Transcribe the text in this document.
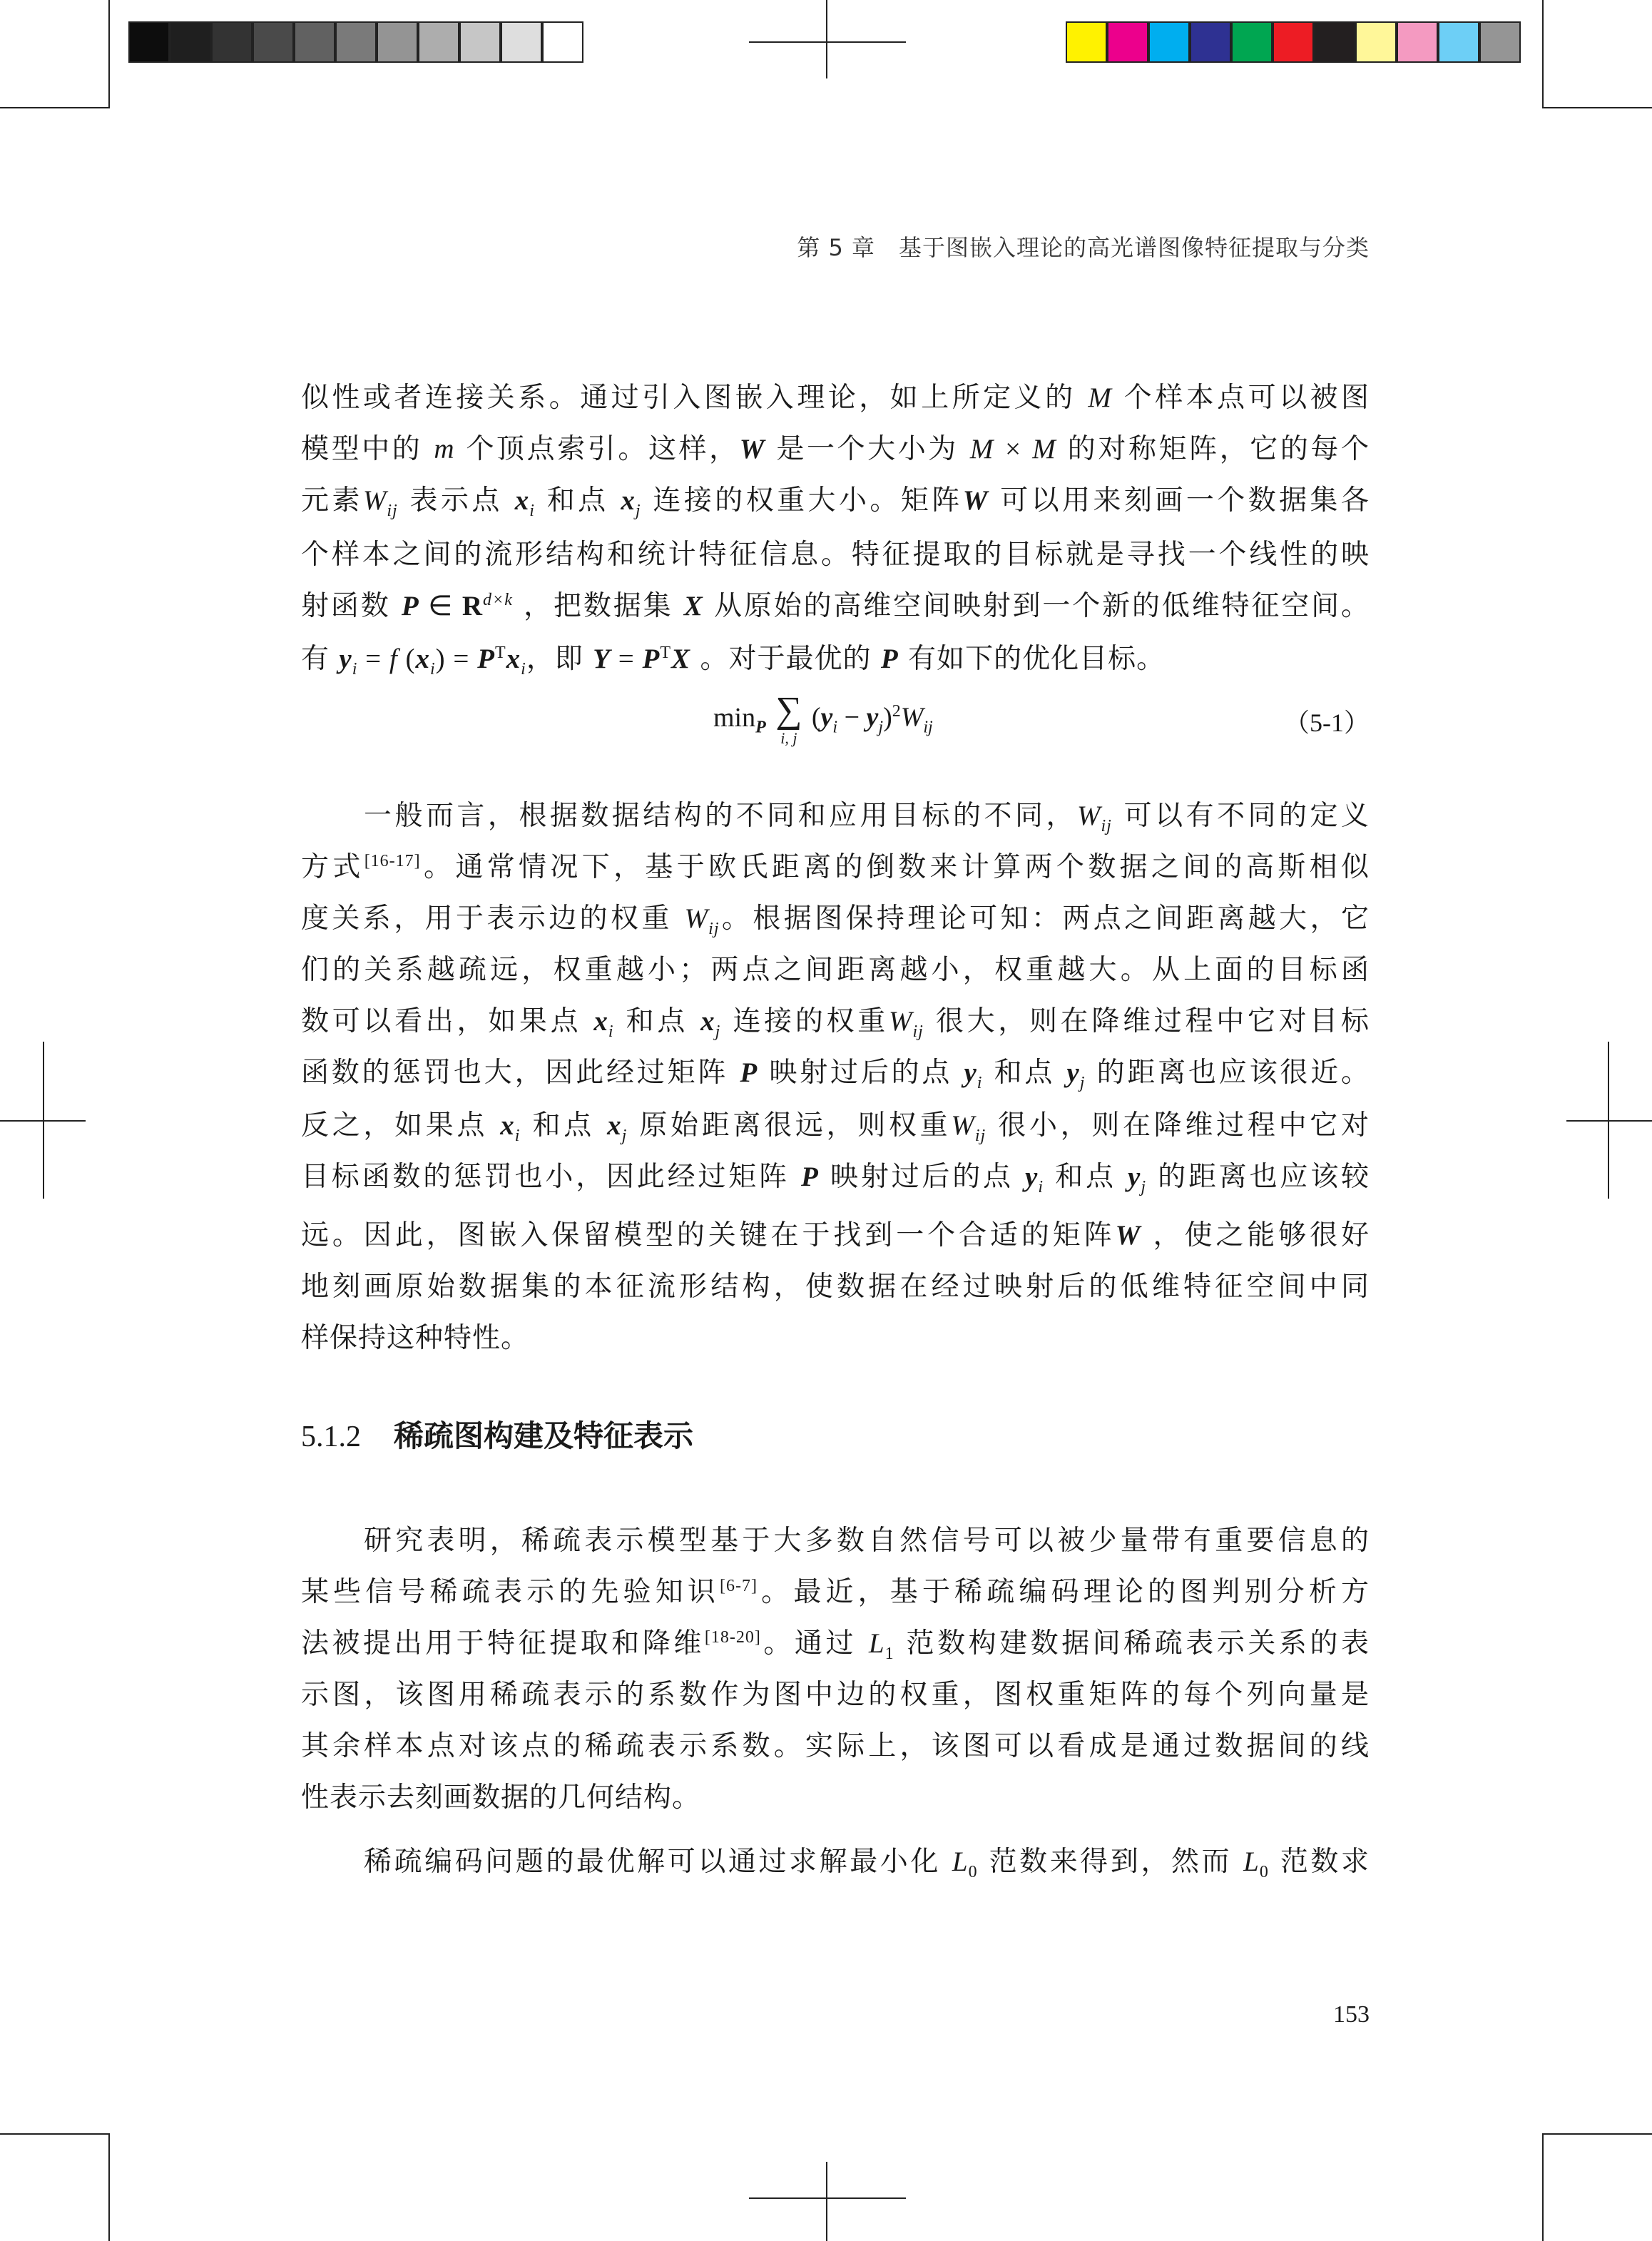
第 5 章　基于图嵌入理论的高光谱图像特征提取与分类
似性或者连接关系。通过引入图嵌入理论，如上所定义的 M 个样本点可以被图
模型中的 m 个顶点索引。这样，W 是一个大小为 M × M 的对称矩阵，它的每个
元素$W_{ij}$ 表示点 $x_i$ 和点 $x_j$ 连接的权重大小。矩阵W 可以用来刻画一个数据集各
个样本之间的流形结构和统计特征信息。特征提取的目标就是寻找一个线性的映
射函数 P ∈ $R^{d\times k}$ ，把数据集 X 从原始的高维空间映射到一个新的低维特征空间。
有 $y_i = f$ $(x_i) = P^Tx_i$，即 $Y = P^TX$ 。对于最优的 P 有如下的优化目标。
$\min_P$ ∑
i, j
$(y_i - y_j)^2W_{ij}$	（5-1）
一般而言，根据数据结构的不同和应用目标的不同，$W_{ij}$ 可以有不同的定义
方式[16-17]。通常情况下，基于欧氏距离的倒数来计算两个数据之间的高斯相似
度关系，用于表示边的权重 $W_{ij}$。根据图保持理论可知：两点之间距离越大，它
们的关系越疏远，权重越小；两点之间距离越小，权重越大。从上面的目标函
数可以看出，如果点 $x_i$ 和点 $x_j$ 连接的权重$W_{ij}$ 很大，则在降维过程中它对目标
函数的惩罚也大，因此经过矩阵 P 映射过后的点 $y_i$ 和点 $y_j$ 的距离也应该很近。
反之，如果点 $x_i$ 和点 $x_j$ 原始距离很远，则权重$W_{ij}$ 很小，则在降维过程中它对
目标函数的惩罚也小，因此经过矩阵 P 映射过后的点 $y_i$ 和点 $y_j$ 的距离也应该较
远。因此，图嵌入保留模型的关键在于找到一个合适的矩阵W ，使之能够很好
地刻画原始数据集的本征流形结构，使数据在经过映射后的低维特征空间中同
样保持这种特性。
5.1.2 稀疏图构建及特征表示
研究表明，稀疏表示模型基于大多数自然信号可以被少量带有重要信息的
某些信号稀疏表示的先验知识[6-7]。最近，基于稀疏编码理论的图判别分析方
法被提出用于特征提取和降维[18-20]。通过 $L_1$ 范数构建数据间稀疏表示关系的表
示图，该图用稀疏表示的系数作为图中边的权重，图权重矩阵的每个列向量是
其余样本点对该点的稀疏表示系数。实际上，该图可以看成是通过数据间的线
性表示去刻画数据的几何结构。
稀疏编码问题的最优解可以通过求解最小化 $L_0$ 范数来得到，然而 $L_0$ 范数求
153
